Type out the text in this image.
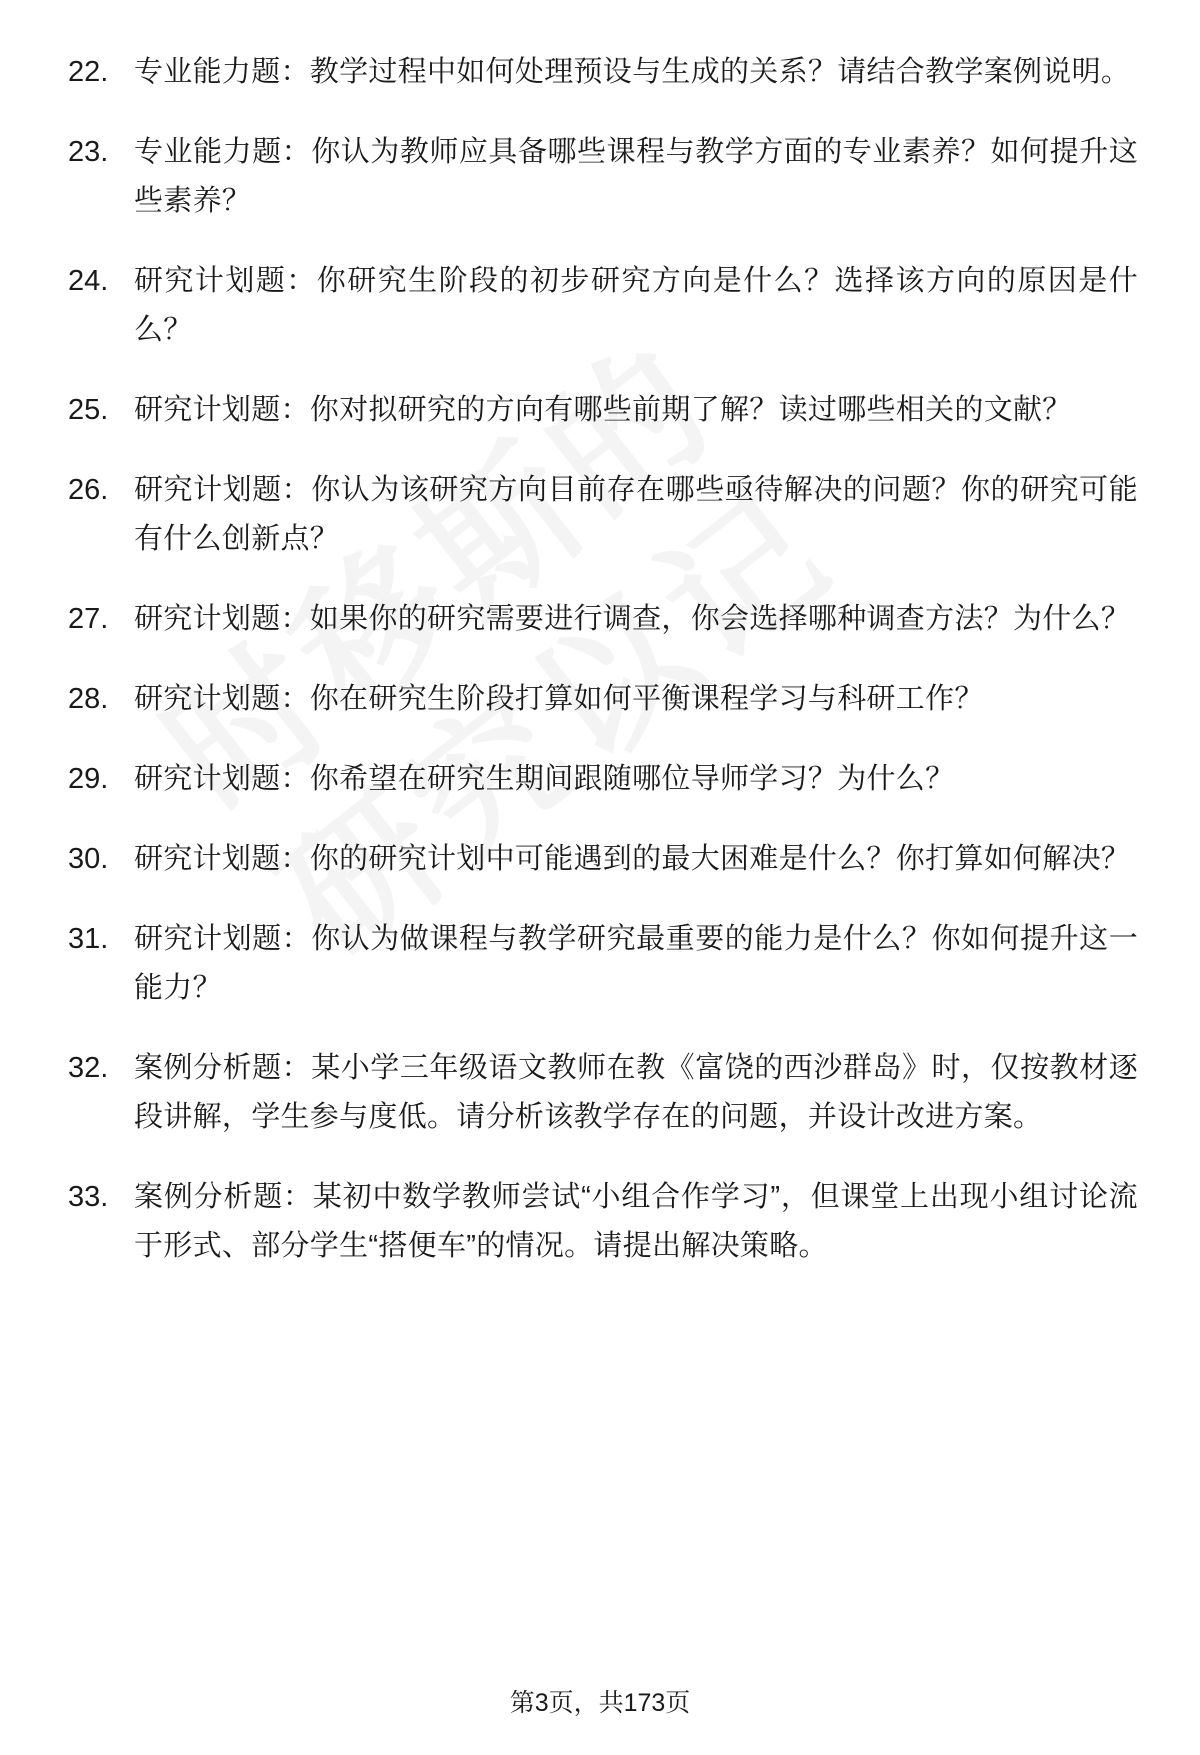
22. 专业能力题：教学过程中如何处理预设与生成的关系？请结合教学案例说明。
23. 专业能力题：你认为教师应具备哪些课程与教学方面的专业素养？如何提升这些素养？
24. 研究计划题：你研究生阶段的初步研究方向是什么？选择该方向的原因是什么？
25. 研究计划题：你对拟研究的方向有哪些前期了解？读过哪些相关的文献？
26. 研究计划题：你认为该研究方向目前存在哪些亟待解决的问题？你的研究可能有什么创新点？
27. 研究计划题：如果你的研究需要进行调查，你会选择哪种调查方法？为什么？
28. 研究计划题：你在研究生阶段打算如何平衡课程学习与科研工作？
29. 研究计划题：你希望在研究生期间跟随哪位导师学习？为什么？
30. 研究计划题：你的研究计划中可能遇到的最大困难是什么？你打算如何解决？
31. 研究计划题：你认为做课程与教学研究最重要的能力是什么？你如何提升这一能力？
32. 案例分析题：某小学三年级语文教师在教《富饶的西沙群岛》时，仅按教材逐段讲解，学生参与度低。请分析该教学存在的问题，并设计改进方案。
33. 案例分析题：某初中数学教师尝试“小组合作学习”，但课堂上出现小组讨论流于形式、部分学生“搭便车”的情况。请提出解决策略。
第3页，共173页
